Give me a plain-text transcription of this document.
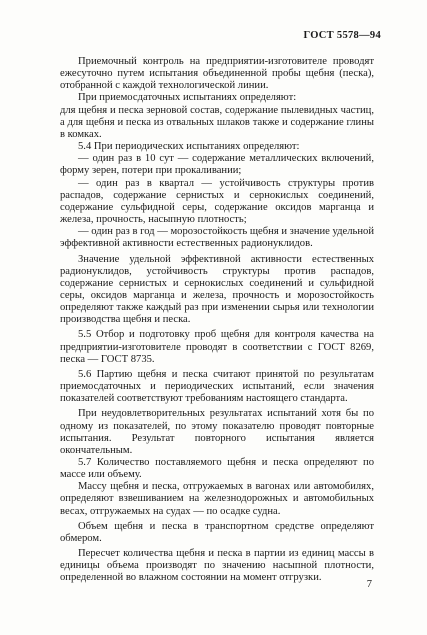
ГОСТ 5578—94

Приемочный контроль на предприятии-изготовителе проводят ежесуточно путем испытания объединенной пробы щебня (песка), отобранной с каждой технологической линии.

При приемосдаточных испытаниях определяют:

для щебня и песка зерновой состав, содержание пылевидных частиц, а для щебня и песка из отвальных шлаков также и содержание глины в комках.

5.4 При периодических испытаниях определяют:

— один раз в 10 сут — содержание металлических включений, форму зерен, потери при прокаливании;

— один раз в квартал — устойчивость структуры против распадов, содержание сернистых и сернокислых соединений, содержание сульфидной серы, содержание оксидов марганца и железа, прочность, насыпную плотность;

— один раз в год — морозостойкость щебня и значение удельной эффективной активности естественных радионуклидов.

Значение удельной эффективной активности естественных радионуклидов, устойчивость структуры против распадов, содержание сернистых и сернокислых соединений и сульфидной серы, оксидов марганца и железа, прочность и морозостойкость определяют также каждый раз при изменении сырья или технологии производства щебня и песка.

5.5 Отбор и подготовку проб щебня для контроля качества на предприятии-изготовителе проводят в соответствии с ГОСТ 8269, песка — ГОСТ 8735.

5.6 Партию щебня и песка считают принятой по результатам приемосдаточных и периодических испытаний, если значения показателей соответствуют требованиям настоящего стандарта.

При неудовлетворительных результатах испытаний хотя бы по одному из показателей, по этому показателю проводят повторные испытания. Результат повторного испытания является окончательным.

5.7 Количество поставляемого щебня и песка определяют по массе или объему.

Массу щебня и песка, отгружаемых в вагонах или автомобилях, определяют взвешиванием на железнодорожных и автомобильных весах, отгружаемых на судах — по осадке судна.

Объем щебня и песка в транспортном средстве определяют обмером.

Пересчет количества щебня и песка в партии из единиц массы в единицы объема производят по значению насыпной плотности, определенной во влажном состоянии на момент отгрузки.

7
